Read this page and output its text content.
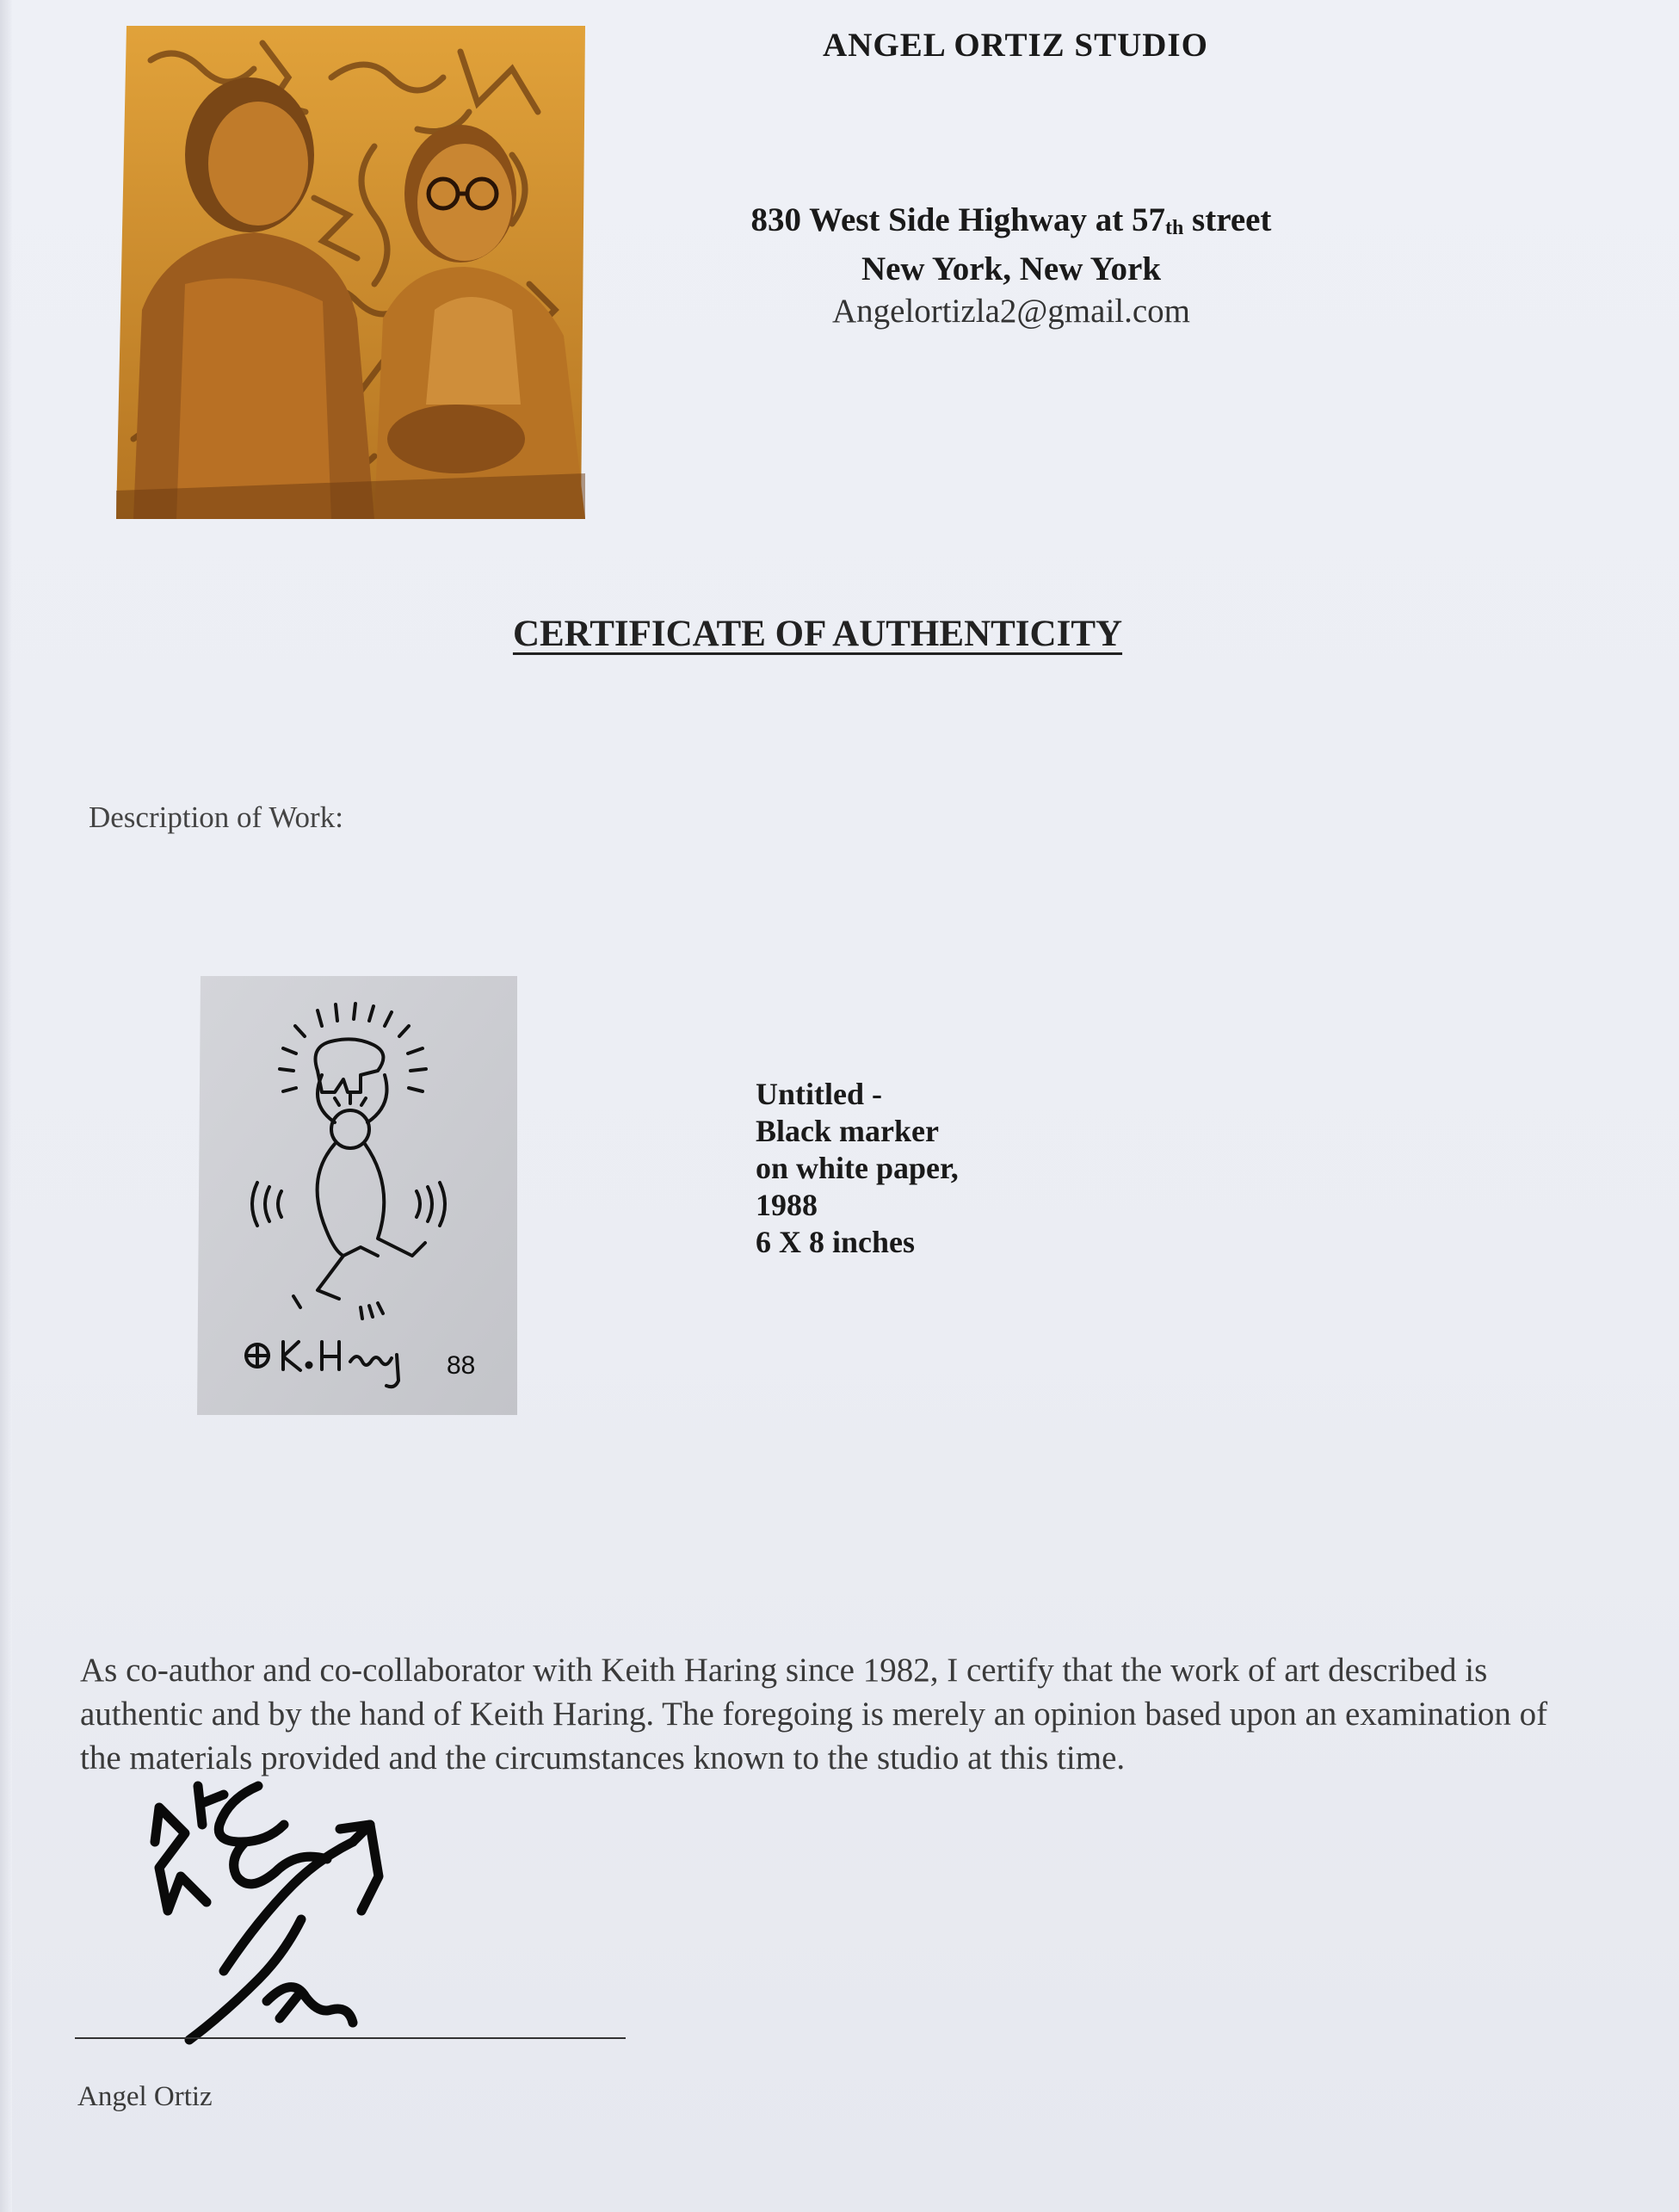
ANGEL ORTIZ STUDIO
830 West Side Highway at $57_{th}$ street
New York, New York
Angelortizla2@gmail.com
CERTIFICATE OF AUTHENTICITY
Description of Work:
88
Untitled -
Black marker
on white paper,
1988
6 X 8 inches
As co-author and co-collaborator with Keith Haring since 1982, I certify that the work of art described is authentic and by the hand of Keith Haring. The foregoing is merely an opinion based upon an examination of the materials provided and the circumstances known to the studio at this time.
Angel Ortiz
